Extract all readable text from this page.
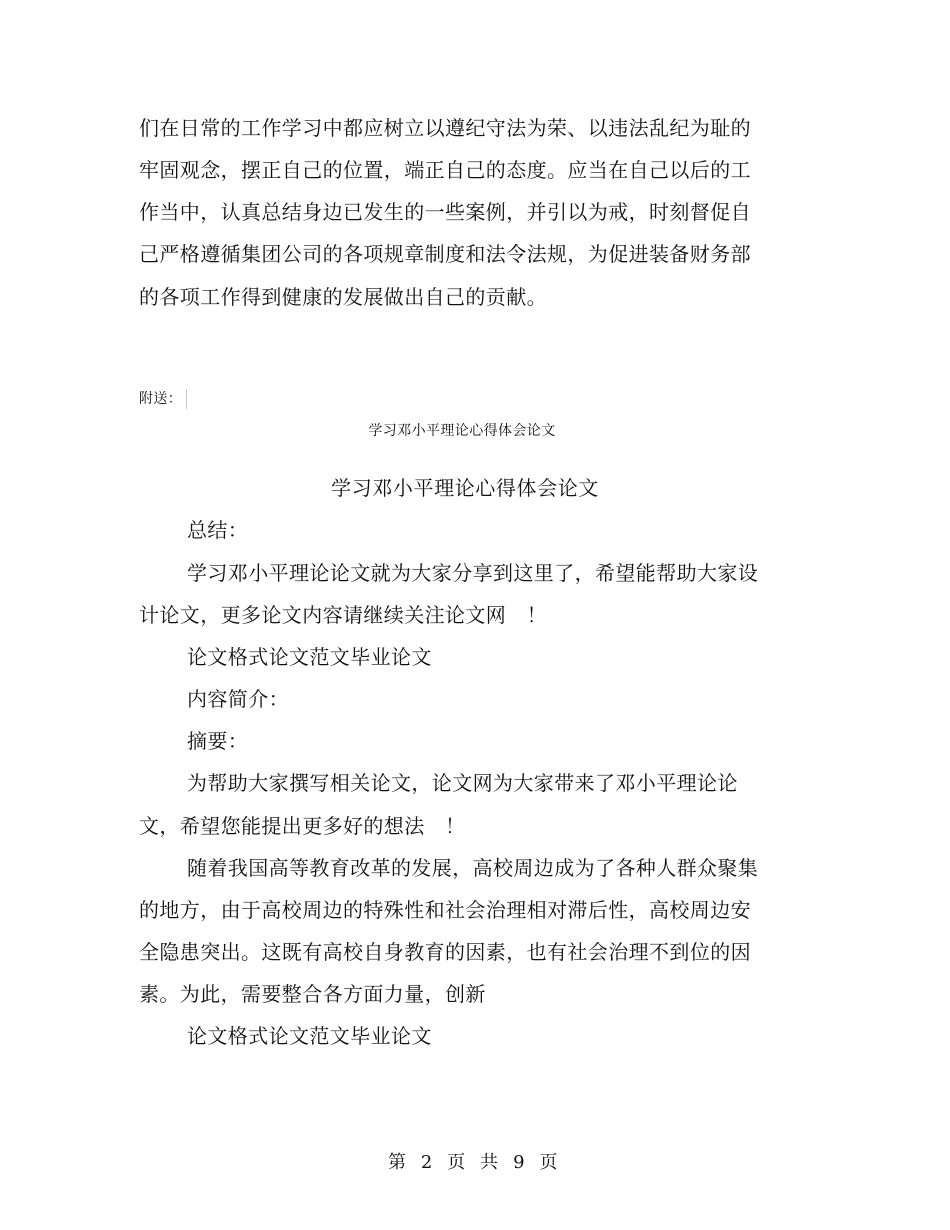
们在日常的工作学习中都应树立以遵纪守法为荣、以违法乱纪为耻的
牢固观念，摆正自己的位置，端正自己的态度。应当在自己以后的工
作当中，认真总结身边已发生的一些案例，并引以为戒，时刻督促自
己严格遵循集团公司的各项规章制度和法令法规，为促进装备财务部
的各项工作得到健康的发展做出自己的贡献。
附送：
学习邓小平理论心得体会论文
学习邓小平理论心得体会论文
总结：
学习邓小平理论论文就为大家分享到这里了，希望能帮助大家设
计论文，更多论文内容请继续关注论文网　！
论文格式论文范文毕业论文
内容简介：
摘要：
为帮助大家撰写相关论文，论文网为大家带来了邓小平理论论
文，希望您能提出更多好的想法　！
随着我国高等教育改革的发展，高校周边成为了各种人群众聚集
的地方，由于高校周边的特殊性和社会治理相对滞后性，高校周边安
全隐患突出。这既有高校自身教育的因素，也有社会治理不到位的因
素。为此，需要整合各方面力量，创新
论文格式论文范文毕业论文
第 2 页 共 9 页
